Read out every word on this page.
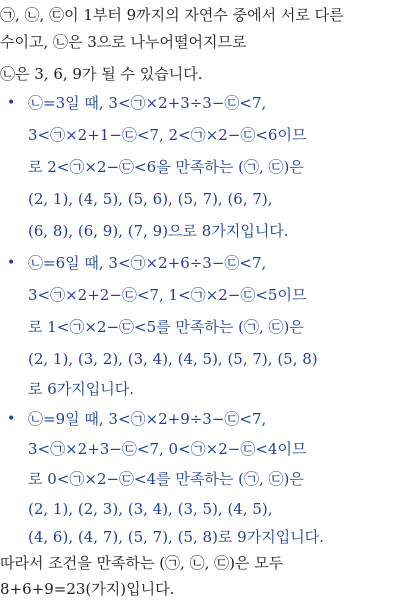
㉠, ㉡, ㉢이 1부터 9까지의 자연수 중에서 서로 다른
수이고, ㉡은 3으로 나누어떨어지므로
㉡은 3, 6, 9가 될 수 있습니다.
• ㉡=3일 때, 3<㉠×2+3÷3−㉢<7,
3<㉠×2+1−㉢<7, 2<㉠×2−㉢<6이므
로 2<㉠×2−㉢<6을 만족하는 (㉠, ㉢)은
(2, 1), (4, 5), (5, 6), (5, 7), (6, 7),
(6, 8), (6, 9), (7, 9)으로 8가지입니다.
• ㉡=6일 때, 3<㉠×2+6÷3−㉢<7,
3<㉠×2+2−㉢<7, 1<㉠×2−㉢<5이므
로 1<㉠×2−㉢<5를 만족하는 (㉠, ㉢)은
(2, 1), (3, 2), (3, 4), (4, 5), (5, 7), (5, 8)
로 6가지입니다.
• ㉡=9일 때, 3<㉠×2+9÷3−㉢<7,
3<㉠×2+3−㉢<7, 0<㉠×2−㉢<4이므
로 0<㉠×2−㉢<4를 만족하는 (㉠, ㉢)은
(2, 1), (2, 3), (3, 4), (3, 5), (4, 5),
(4, 6), (4, 7), (5, 7), (5, 8)로 9가지입니다.
따라서 조건을 만족하는 (㉠, ㉡, ㉢)은 모두
8+6+9=23(가지)입니다.
